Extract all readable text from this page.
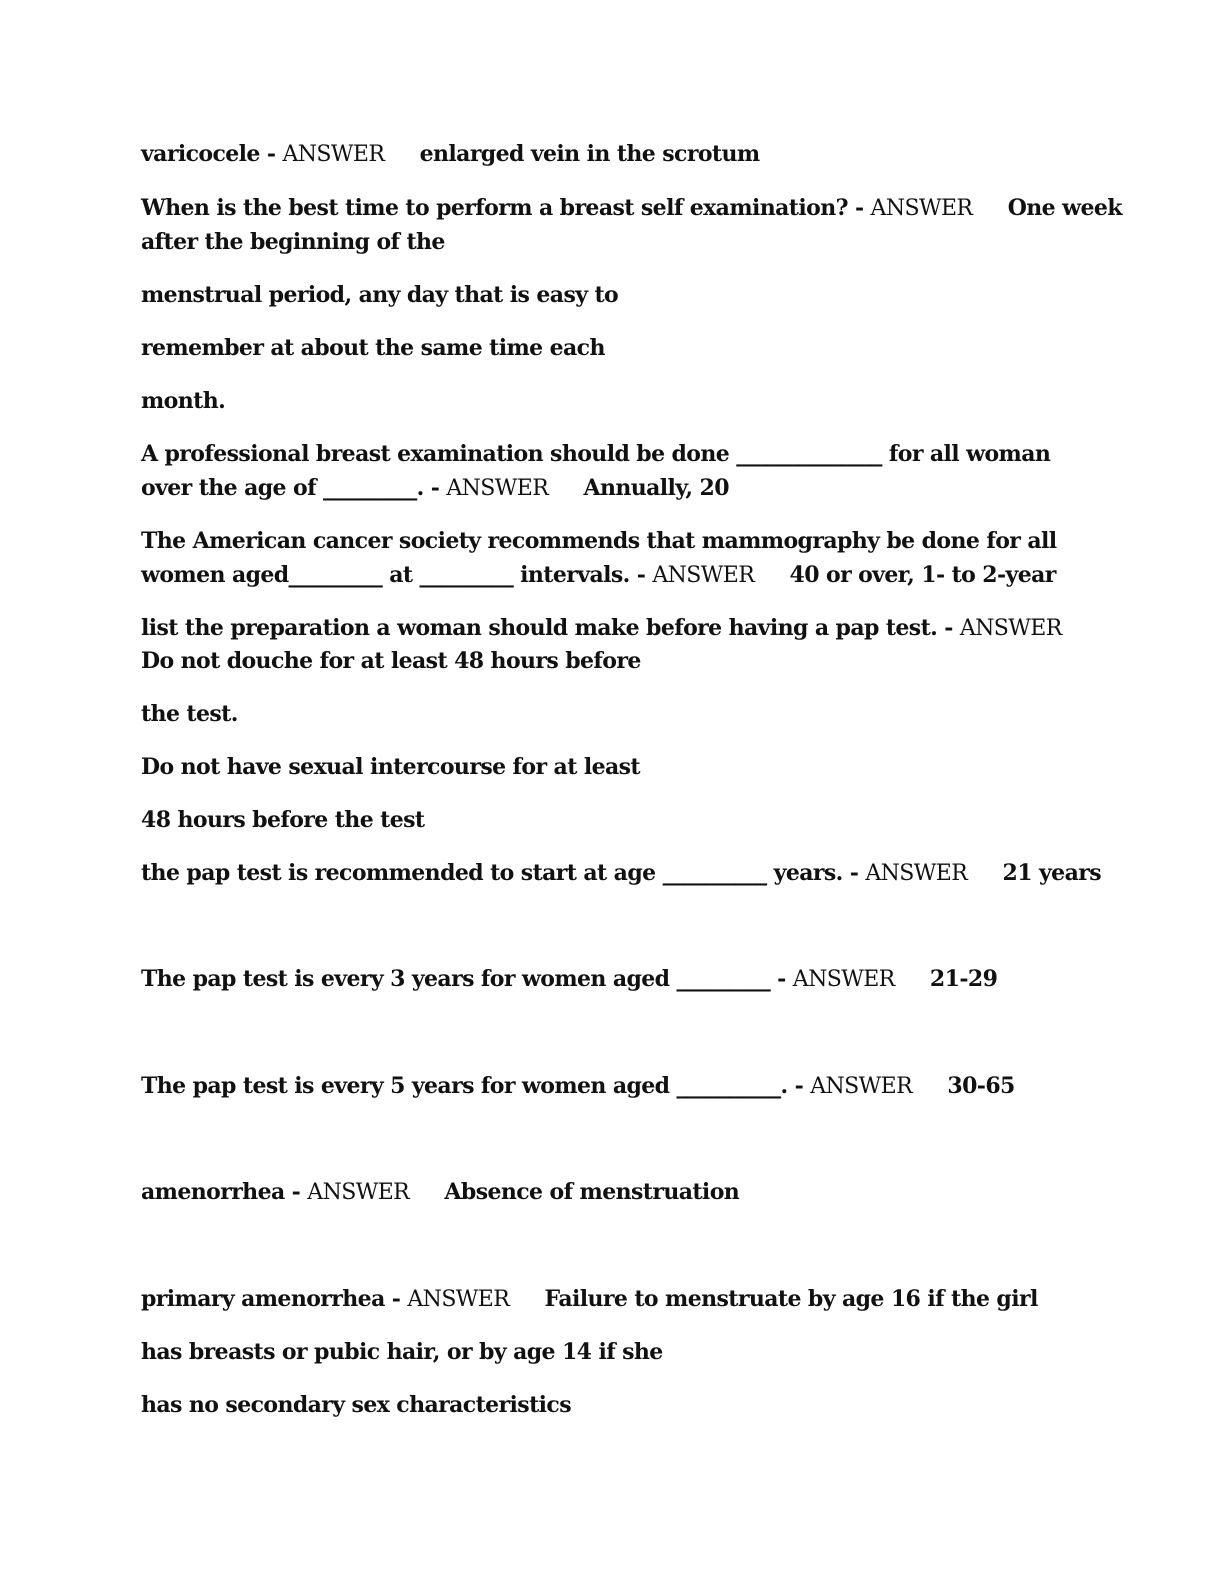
varicocele - ANSWER     enlarged vein in the scrotum
When is the best time to perform a breast self examination? - ANSWER     One week
after the beginning of the
menstrual period, any day that is easy to
remember at about the same time each
month.
A professional breast examination should be done ______________ for all woman
over the age of _________. - ANSWER     Annually, 20
The American cancer society recommends that mammography be done for all
women aged_________ at _________ intervals. - ANSWER     40 or over, 1- to 2-year
list the preparation a woman should make before having a pap test. - ANSWER
Do not douche for at least 48 hours before
the test.
Do not have sexual intercourse for at least
48 hours before the test
the pap test is recommended to start at age __________ years. - ANSWER     21 years
The pap test is every 3 years for women aged _________ - ANSWER     21-29
The pap test is every 5 years for women aged __________. - ANSWER     30-65
amenorrhea - ANSWER     Absence of menstruation
primary amenorrhea - ANSWER     Failure to menstruate by age 16 if the girl
has breasts or pubic hair, or by age 14 if she
has no secondary sex characteristics
